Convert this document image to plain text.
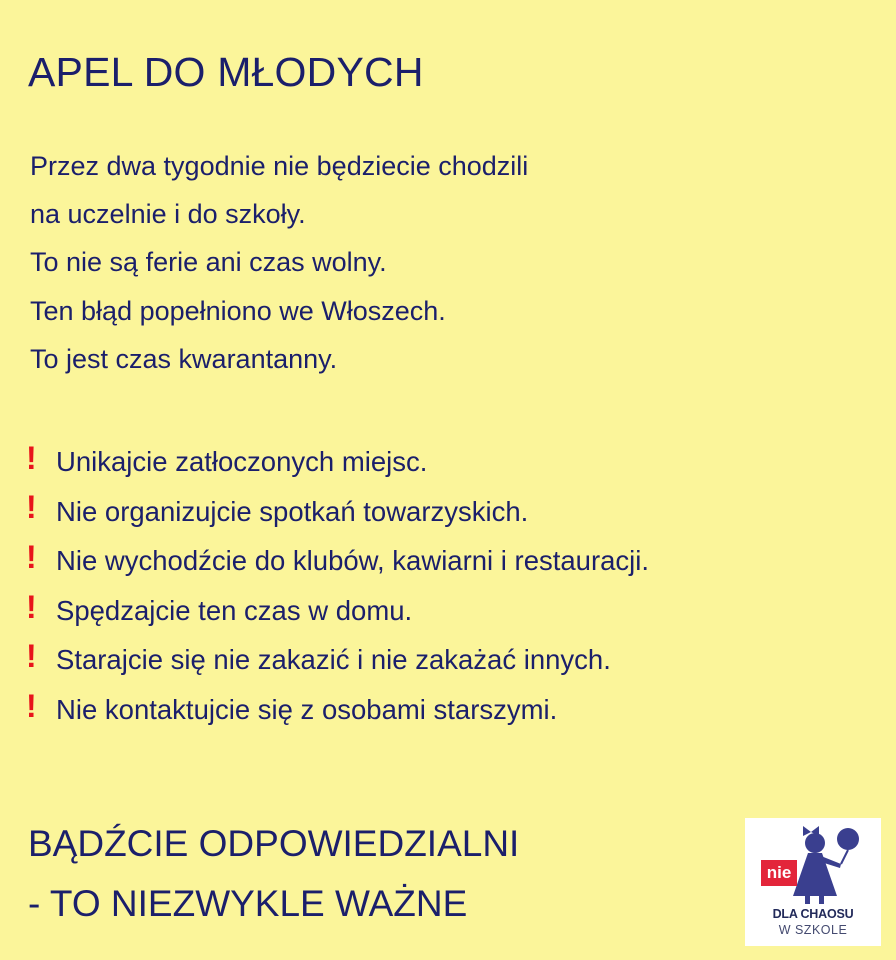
APEL DO MŁODYCH
Przez dwa tygodnie nie będziecie chodzili
na uczelnie i do szkoły.
To nie są ferie ani czas wolny.
Ten błąd popełniono we Włoszech.
To jest czas kwarantanny.
! Unikajcie zatłoczonych miejsc.
! Nie organizujcie spotkań towarzyskich.
! Nie wychodźcie do klubów, kawiarni i restauracji.
! Spędzajcie ten czas w domu.
! Starajcie się nie zakazić i nie zakażać innych.
! Nie kontaktujcie się z osobami starszymi.
BĄDŹCIE ODPOWIEDZIALNI
- TO NIEZWYKLE WAŻNE
nie
DLA CHAOSU
W SZKOLE
